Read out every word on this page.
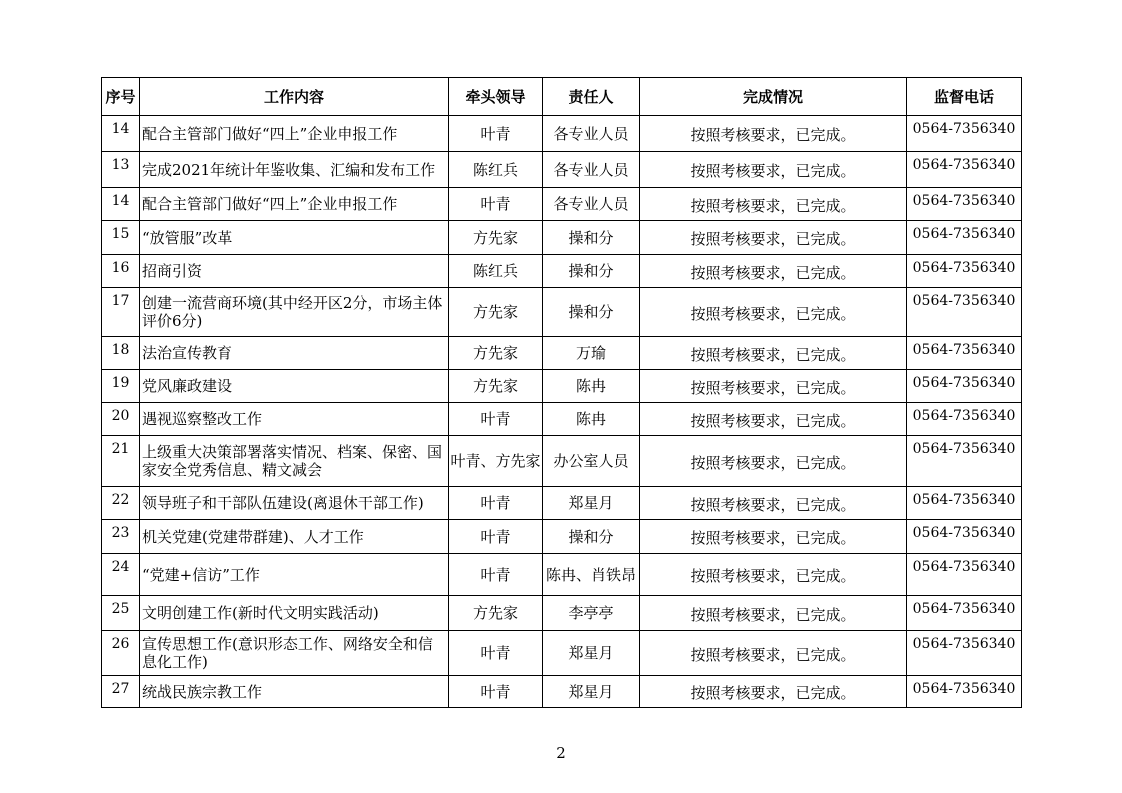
序号	工作内容	牵头领导	责任人	完成情况	监督电话
14	配合主管部门做好“四上”企业申报工作	叶青	各专业人员	按照考核要求，已完成。	0564-7356340
13	完成2021年统计年鉴收集、汇编和发布工作	陈红兵	各专业人员	按照考核要求，已完成。	0564-7356340
14	配合主管部门做好“四上”企业申报工作	叶青	各专业人员	按照考核要求，已完成。	0564-7356340
15	“放管服”改革	方先家	操和分	按照考核要求，已完成。	0564-7356340
16	招商引资	陈红兵	操和分	按照考核要求，已完成。	0564-7356340
17	创建一流营商环境(其中经开区2分，市场主体评价6分)	方先家	操和分	按照考核要求，已完成。	0564-7356340
18	法治宣传教育	方先家	万瑜	按照考核要求，已完成。	0564-7356340
19	党风廉政建设	方先家	陈冉	按照考核要求，已完成。	0564-7356340
20	遇视巡察整改工作	叶青	陈冉	按照考核要求，已完成。	0564-7356340
21	上级重大决策部署落实情况、档案、保密、国家安全党秀信息、精文减会	叶青、方先家	办公室人员	按照考核要求，已完成。	0564-7356340
22	领导班子和干部队伍建设(离退休干部工作)	叶青	郑星月	按照考核要求，已完成。	0564-7356340
23	机关党建(党建带群建)、人才工作	叶青	操和分	按照考核要求，已完成。	0564-7356340
24	“党建+信访”工作	叶青	陈冉、肖铁昂	按照考核要求，已完成。	0564-7356340
25	文明创建工作(新时代文明实践活动)	方先家	李亭亭	按照考核要求，已完成。	0564-7356340
26	宣传思想工作(意识形态工作、网络安全和信息化工作)	叶青	郑星月	按照考核要求，已完成。	0564-7356340
27	统战民族宗教工作	叶青	郑星月	按照考核要求，已完成。	0564-7356340
2
